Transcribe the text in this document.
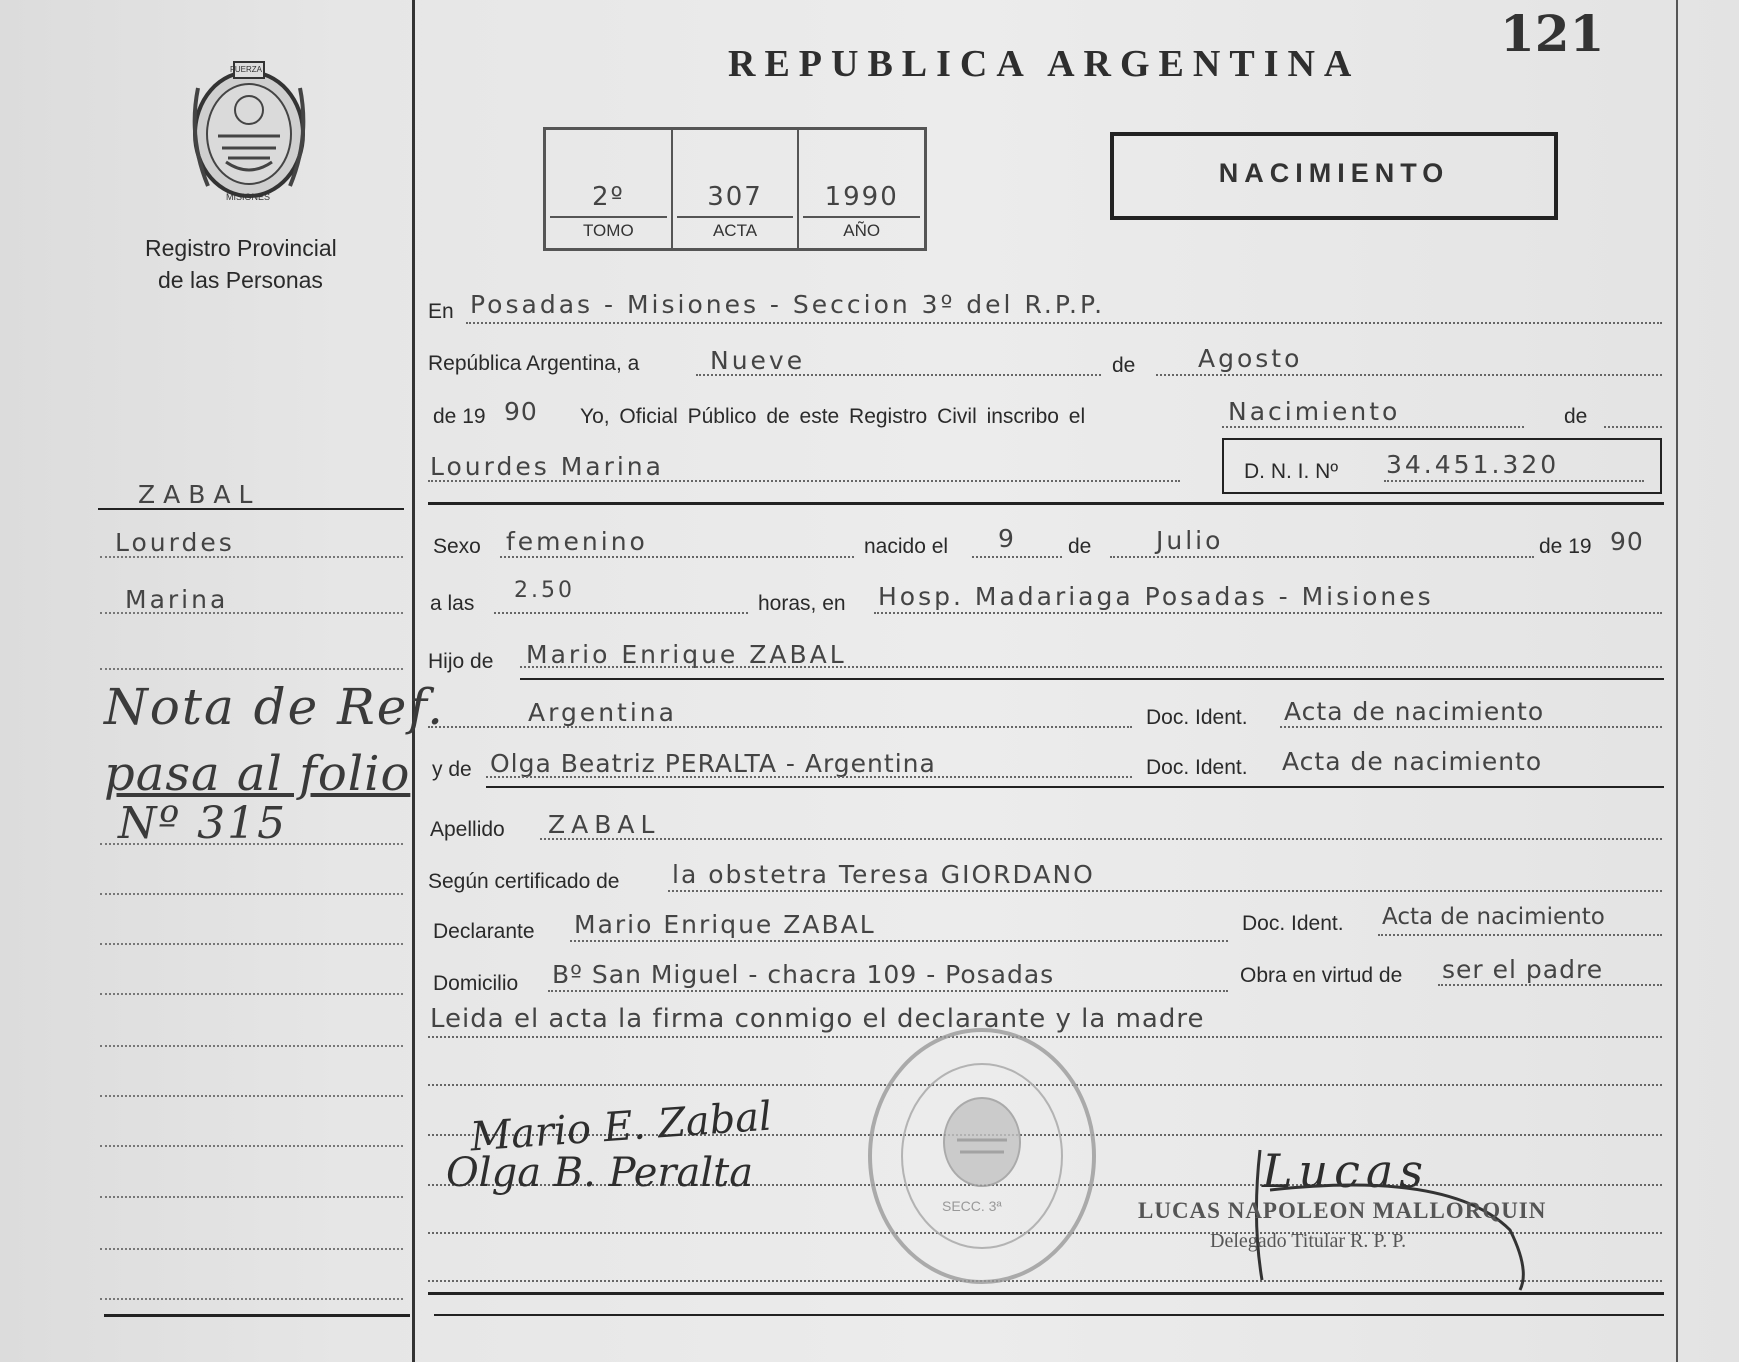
121
REPUBLICA ARGENTINA
FUERZA
MISIONES
Registro Provincial
de las Personas
2º
TOMO
307
ACTA
1990
AÑO
NACIMIENTO
ZABAL
Lourdes
Marina
Nota de Ref.
pasa al folio
Nº 315
En Posadas - Misiones - Seccion 3º del R.P.P.
República Argentina, a	Nueve	de	Agosto
de 19 90 Yo, Oficial Público de este Registro Civil inscribo el	Nacimiento	de
Lourdes Marina	D. N. I. Nº 34.451.320
Sexo femenino	nacido el 9 de	Julio	de 19 90
a las
2.50
horas, en Hosp. Madariaga Posadas - Misiones
Hijo de Mario Enrique ZABAL
Argentina	Doc. Ident. Acta de nacimiento
y de Olga Beatriz PERALTA - Argentina	Doc. Ident. Acta de nacimiento
Apellido ZABAL
Según certificado de la obstetra Teresa GIORDANO
Declarante Mario Enrique ZABAL	Doc. Ident. Acta de nacimiento
Domicilio Bº San Miguel - chacra 109 - Posadas	Obra en virtud de ser el padre
Leida el acta la firma conmigo el declarante y la madre
SECC. 3ª
Mario E. Zabal
Olga B. Peralta	Lucas
LUCAS NAPOLEON MALLORQUIN
Delegado Titular R. P. P.
